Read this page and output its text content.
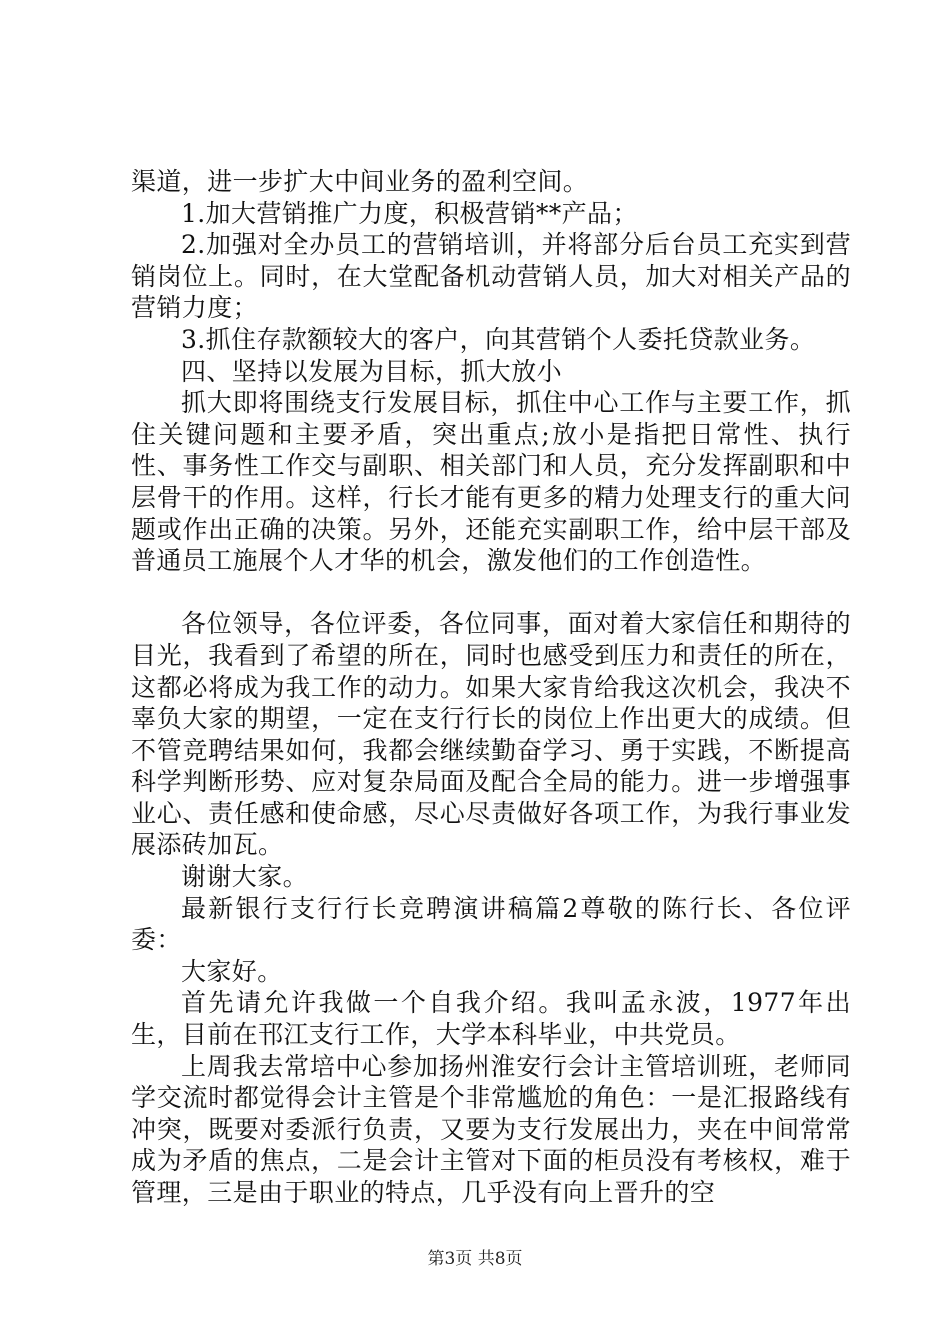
渠道，进一步扩大中间业务的盈利空间。

1.加大营销推广力度，积极营销**产品；

2.加强对全办员工的营销培训，并将部分后台员工充实到营销岗位上。同时，在大堂配备机动营销人员，加大对相关产品的营销力度；

3.抓住存款额较大的客户，向其营销个人委托贷款业务。

四、坚持以发展为目标，抓大放小

抓大即将围绕支行发展目标，抓住中心工作与主要工作，抓住关键问题和主要矛盾，突出重点;放小是指把日常性、执行性、事务性工作交与副职、相关部门和人员，充分发挥副职和中层骨干的作用。这样，行长才能有更多的精力处理支行的重大问题或作出正确的决策。另外，还能充实副职工作，给中层干部及普通员工施展个人才华的机会，激发他们的工作创造性。

各位领导，各位评委，各位同事，面对着大家信任和期待的目光，我看到了希望的所在，同时也感受到压力和责任的所在，这都必将成为我工作的动力。如果大家肯给我这次机会，我决不辜负大家的期望，一定在支行行长的岗位上作出更大的成绩。但不管竞聘结果如何，我都会继续勤奋学习、勇于实践，不断提高科学判断形势、应对复杂局面及配合全局的能力。进一步增强事业心、责任感和使命感，尽心尽责做好各项工作，为我行事业发展添砖加瓦。

谢谢大家。

最新银行支行行长竞聘演讲稿篇2尊敬的陈行长、各位评委：

大家好。

首先请允许我做一个自我介绍。我叫孟永波，1977年出生，目前在邗江支行工作，大学本科毕业，中共党员。

上周我去常培中心参加扬州淮安行会计主管培训班，老师同学交流时都觉得会计主管是个非常尴尬的角色：一是汇报路线有冲突，既要对委派行负责，又要为支行发展出力，夹在中间常常成为矛盾的焦点，二是会计主管对下面的柜员没有考核权，难于管理，三是由于职业的特点，几乎没有向上晋升的空

第3页 共8页
